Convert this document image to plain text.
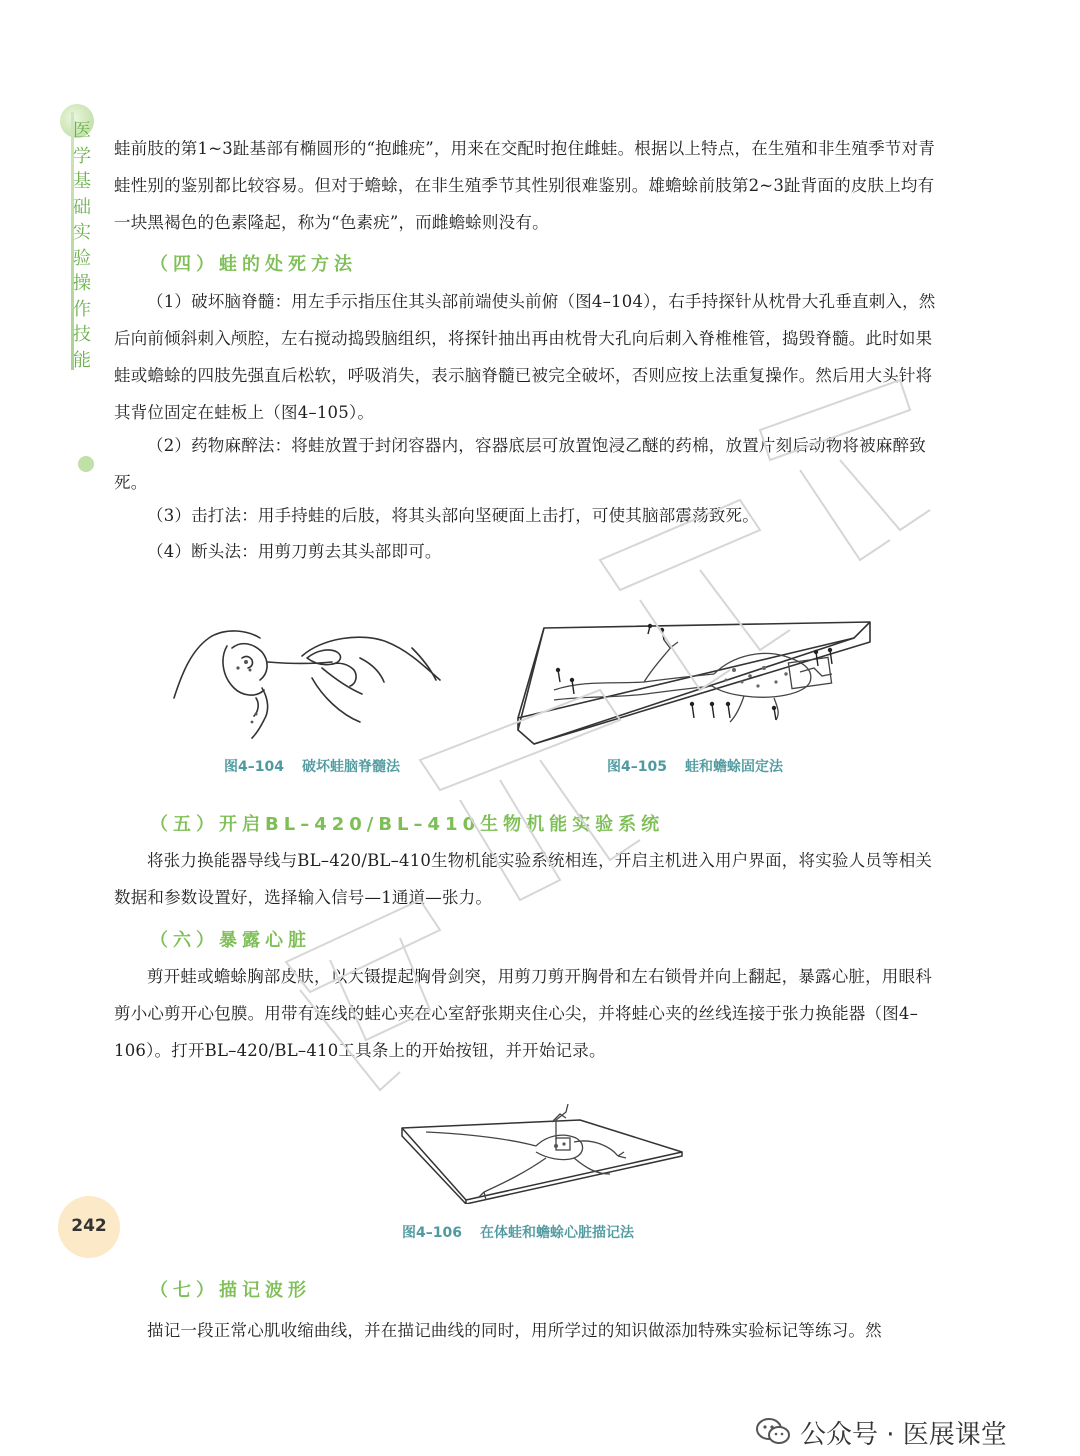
医
学
基
础
实
验
操
作
技
能

蛙前肢的第1~3趾基部有椭圆形的“抱雌疣”，用来在交配时抱住雌蛙。根据以上特点，在生殖和非生殖季节对青蛙性别的鉴别都比较容易。但对于蟾蜍，在非生殖季节其性别很难鉴别。雄蟾蜍前肢第2~3趾背面的皮肤上均有一块黑褐色的色素隆起，称为“色素疣”，而雌蟾蜍则没有。

（四）蛙的处死方法

（1）破坏脑脊髓：用左手示指压住其头部前端使头前俯（图4–104），右手持探针从枕骨大孔垂直刺入，然后向前倾斜刺入颅腔，左右搅动捣毁脑组织，将探针抽出再由枕骨大孔向后刺入脊椎椎管，捣毁脊髓。此时如果蛙或蟾蜍的四肢先强直后松软，呼吸消失，表示脑脊髓已被完全破坏，否则应按上法重复操作。然后用大头针将其背位固定在蛙板上（图4–105）。

（2）药物麻醉法：将蛙放置于封闭容器内，容器底层可放置饱浸乙醚的药棉，放置片刻后动物将被麻醉致死。

（3）击打法：用手持蛙的后肢，将其头部向坚硬面上击打，可使其脑部震荡致死。

（4）断头法：用剪刀剪去其头部即可。

图4–104 破坏蛙脑脊髓法	图4–105 蛙和蟾蜍固定法

（五）开启BL–420/BL–410生物机能实验系统

将张力换能器导线与BL–420/BL–410生物机能实验系统相连，开启主机进入用户界面，将实验人员等相关数据和参数设置好，选择输入信号—1通道—张力。

（六）暴露心脏

剪开蛙或蟾蜍胸部皮肤，以大镊提起胸骨剑突，用剪刀剪开胸骨和左右锁骨并向上翻起，暴露心脏，用眼科剪小心剪开心包膜。用带有连线的蛙心夹在心室舒张期夹住心尖，并将蛙心夹的丝线连接于张力换能器（图4–106）。打开BL–420/BL–410工具条上的开始按钮，并开始记录。

图4–106 在体蛙和蟾蜍心脏描记法

（七）描记波形

描记一段正常心肌收缩曲线，并在描记曲线的同时，用所学过的知识做添加特殊实验标记等练习。然

242
公众号 · 医展课堂
